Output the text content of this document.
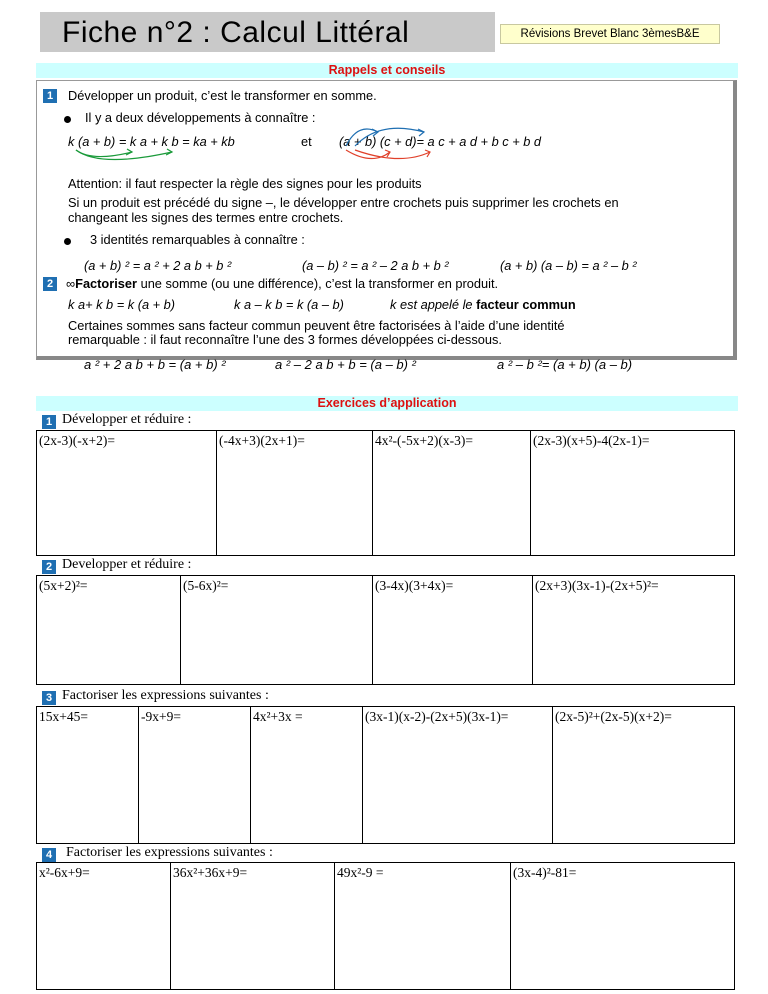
Fiche n°2 : Calcul Littéral	Révisions Brevet Blanc 3èmesB&E
Rappels et conseils
1	Développer un produit, c’est le transformer en somme.
Il y a deux développements à connaître :
k (a + b) = k a + k b = ka + kb	et (a + b) (c + d)= a c + a d + b c + b d
Attention: il faut respecter la règle des signes pour les produits
Si un produit est précédé du signe –, le développer entre crochets puis supprimer les crochets en
changeant les signes des termes entre crochets.
3 identités remarquables à connaître :
(a + b) ² = a ² + 2 a b + b ²	(a – b) ² = a ² – 2 a b + b ²	(a + b) (a – b) = a ² – b ²
2	∞Factoriser une somme (ou une différence), c’est la transformer en produit.
k a+ k b = k (a + b)	k a – k b = k (a – b)	k est appelé le facteur commun
Certaines sommes sans facteur commun peuvent être factorisées à l’aide d’une identité
remarquable : il faut reconnaître l’une des 3 formes développées ci-dessous.
a ² + 2 a b + b = (a + b) ²	a ² – 2 a b + b = (a – b) ²	a ² – b ²= (a + b) (a – b)
Exercices d’application
1 Développer et réduire :
(2x-3)(-x+2)=	(-4x+3)(2x+1)=	4x²-(-5x+2)(x-3)=	(2x-3)(x+5)-4(2x-1)=
2 Developper et réduire :
(5x+2)²=	(5-6x)²=	(3-4x)(3+4x)=	(2x+3)(3x-1)-(2x+5)²=
3 Factoriser les expressions suivantes :
15x+45=	-9x+9=	4x²+3x =	(3x-1)(x-2)-(2x+5)(3x-1)=	(2x-5)²+(2x-5)(x+2)=
4 Factoriser les expressions suivantes :
x²-6x+9=	36x²+36x+9=	49x²-9 =	(3x-4)²-81=
